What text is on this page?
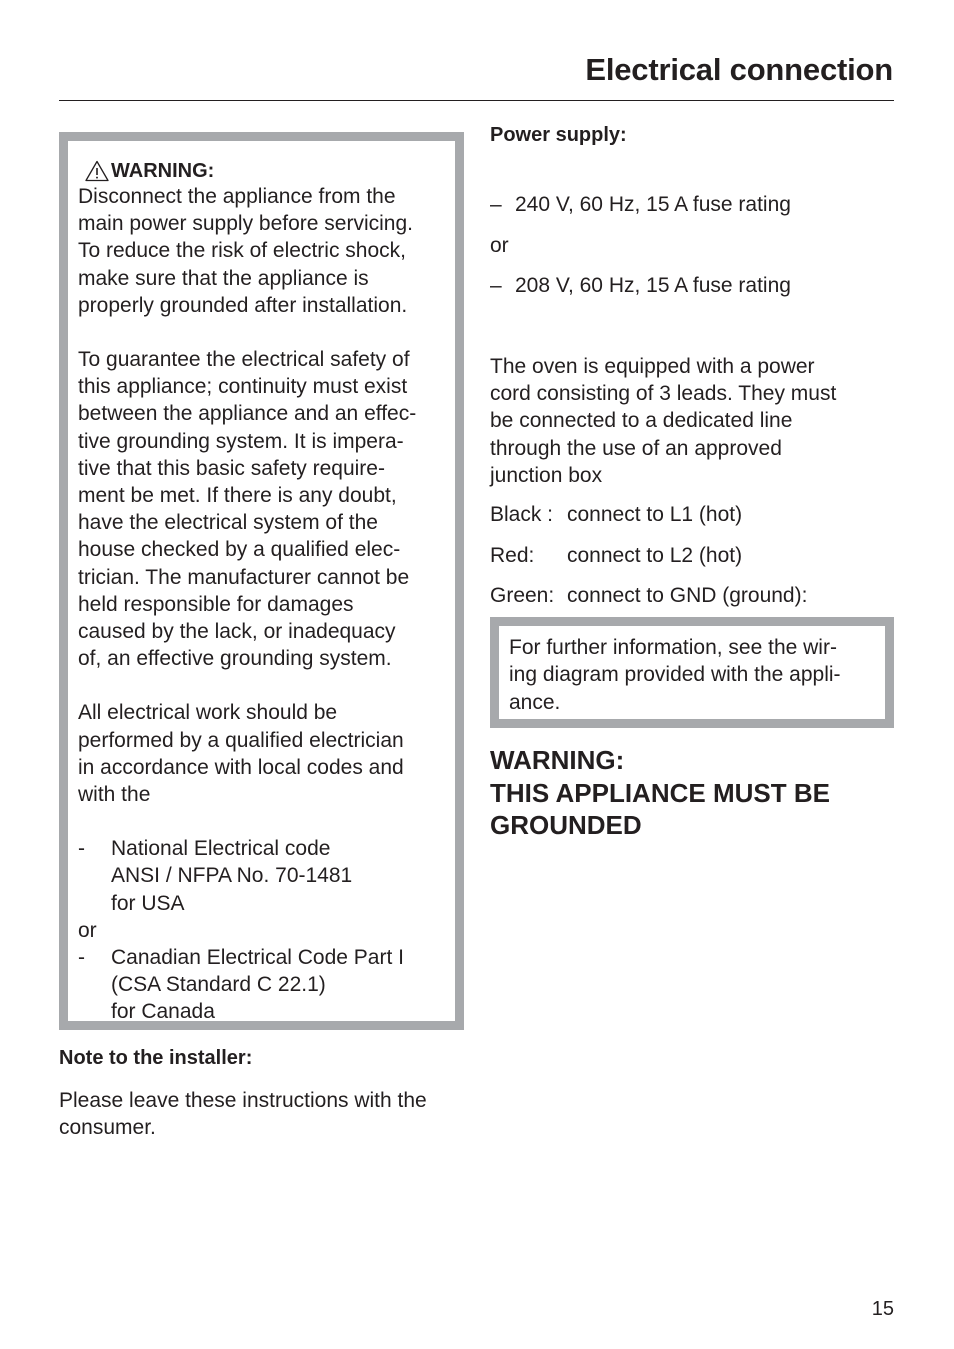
Electrical connection
WARNING:
Disconnect the appliance from the
main power supply before servicing.
To reduce the risk of electric shock,
make sure that the appliance is
properly grounded after installation.
To guarantee the electrical safety of
this appliance; continuity must exist
between the appliance and an effec-
tive grounding system. It is impera-
tive that this basic safety require-
ment be met. If there is any doubt,
have the electrical system of the
house checked by a qualified elec-
trician. The manufacturer cannot be
held responsible for damages
caused by the lack, or inadequacy
of, an effective grounding system.
All electrical work should be
performed by a qualified electrician
in accordance with local codes and
with the
-	National Electrical code
ANSI / NFPA No. 70-1481
for USA
or
-	Canadian Electrical Code Part I
(CSA Standard C 22.1)
for Canada
Note to the installer:
Please leave these instructions with the
consumer.
Power supply:
– 240 V, 60 Hz, 15 A fuse rating
or
– 208 V, 60 Hz, 15 A fuse rating
The oven is equipped with a power
cord consisting of 3 leads. They must
be connected to a dedicated line
through the use of an approved
junction box
Black : connect to L1 (hot)
Red:	connect to L2 (hot)
Green: connect to GND (ground):
For further information, see the wir-
ing diagram provided with the appli-
ance.
WARNING:
THIS APPLIANCE MUST BE
GROUNDED
15
